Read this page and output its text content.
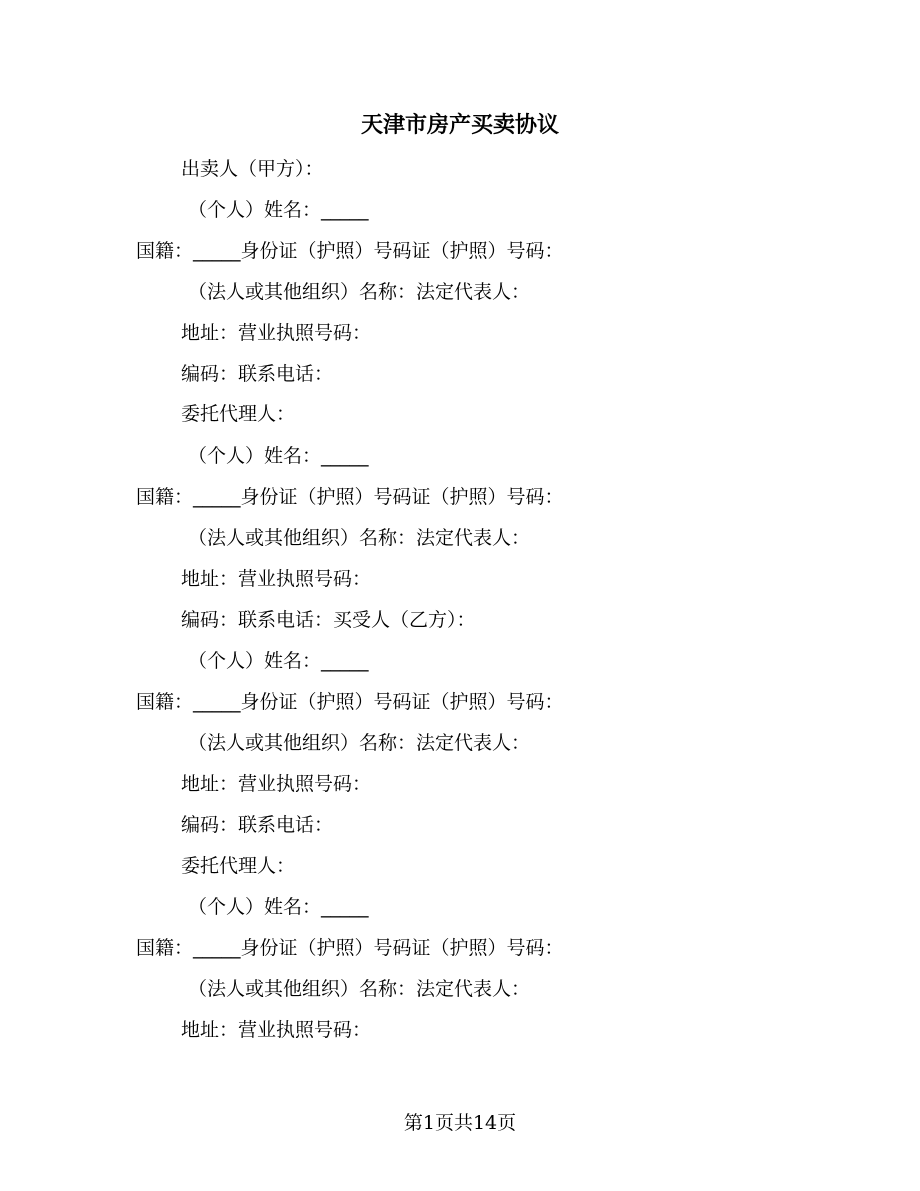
天津市房产买卖协议
出卖人（甲方）：
（个人）姓名：_____
国籍：_____身份证（护照）号码证（护照）号码：
（法人或其他组织）名称：法定代表人：
地址：营业执照号码：
编码：联系电话：
委托代理人：
（个人）姓名：_____
国籍：_____身份证（护照）号码证（护照）号码：
（法人或其他组织）名称：法定代表人：
地址：营业执照号码：
编码：联系电话：买受人（乙方）：
（个人）姓名：_____
国籍：_____身份证（护照）号码证（护照）号码：
（法人或其他组织）名称：法定代表人：
地址：营业执照号码：
编码：联系电话：
委托代理人：
（个人）姓名：_____
国籍：_____身份证（护照）号码证（护照）号码：
（法人或其他组织）名称：法定代表人：
地址：营业执照号码：
第1页共14页
